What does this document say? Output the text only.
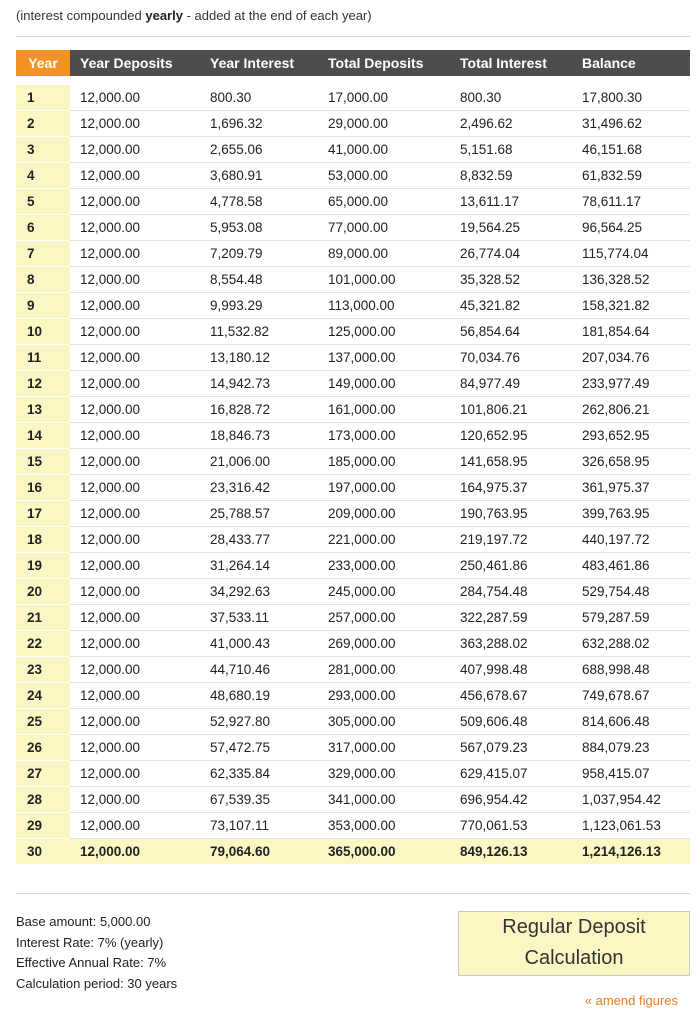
(interest compounded yearly - added at the end of each year)
Year	Year Deposits	Year Interest	Total Deposits	Total Interest	Balance

1	12,000.00	800.30	17,000.00	800.30	17,800.30
2	12,000.00	1,696.32	29,000.00	2,496.62	31,496.62
3	12,000.00	2,655.06	41,000.00	5,151.68	46,151.68
4	12,000.00	3,680.91	53,000.00	8,832.59	61,832.59
5	12,000.00	4,778.58	65,000.00	13,611.17	78,611.17
6	12,000.00	5,953.08	77,000.00	19,564.25	96,564.25
7	12,000.00	7,209.79	89,000.00	26,774.04	115,774.04
8	12,000.00	8,554.48	101,000.00	35,328.52	136,328.52
9	12,000.00	9,993.29	113,000.00	45,321.82	158,321.82
10	12,000.00	11,532.82	125,000.00	56,854.64	181,854.64
11	12,000.00	13,180.12	137,000.00	70,034.76	207,034.76
12	12,000.00	14,942.73	149,000.00	84,977.49	233,977.49
13	12,000.00	16,828.72	161,000.00	101,806.21	262,806.21
14	12,000.00	18,846.73	173,000.00	120,652.95	293,652.95
15	12,000.00	21,006.00	185,000.00	141,658.95	326,658.95
16	12,000.00	23,316.42	197,000.00	164,975.37	361,975.37
17	12,000.00	25,788.57	209,000.00	190,763.95	399,763.95
18	12,000.00	28,433.77	221,000.00	219,197.72	440,197.72
19	12,000.00	31,264.14	233,000.00	250,461.86	483,461.86
20	12,000.00	34,292.63	245,000.00	284,754.48	529,754.48
21	12,000.00	37,533.11	257,000.00	322,287.59	579,287.59
22	12,000.00	41,000.43	269,000.00	363,288.02	632,288.02
23	12,000.00	44,710.46	281,000.00	407,998.48	688,998.48
24	12,000.00	48,680.19	293,000.00	456,678.67	749,678.67
25	12,000.00	52,927.80	305,000.00	509,606.48	814,606.48
26	12,000.00	57,472.75	317,000.00	567,079.23	884,079.23
27	12,000.00	62,335.84	329,000.00	629,415.07	958,415.07
28	12,000.00	67,539.35	341,000.00	696,954.42	1,037,954.42
29	12,000.00	73,107.11	353,000.00	770,061.53	1,123,061.53
30	12,000.00	79,064.60	365,000.00	849,126.13	1,214,126.13
Base amount: 5,000.00
Interest Rate: 7% (yearly)
Effective Annual Rate: 7%
Calculation period: 30 years
Regular Deposit
Calculation
« amend figures
